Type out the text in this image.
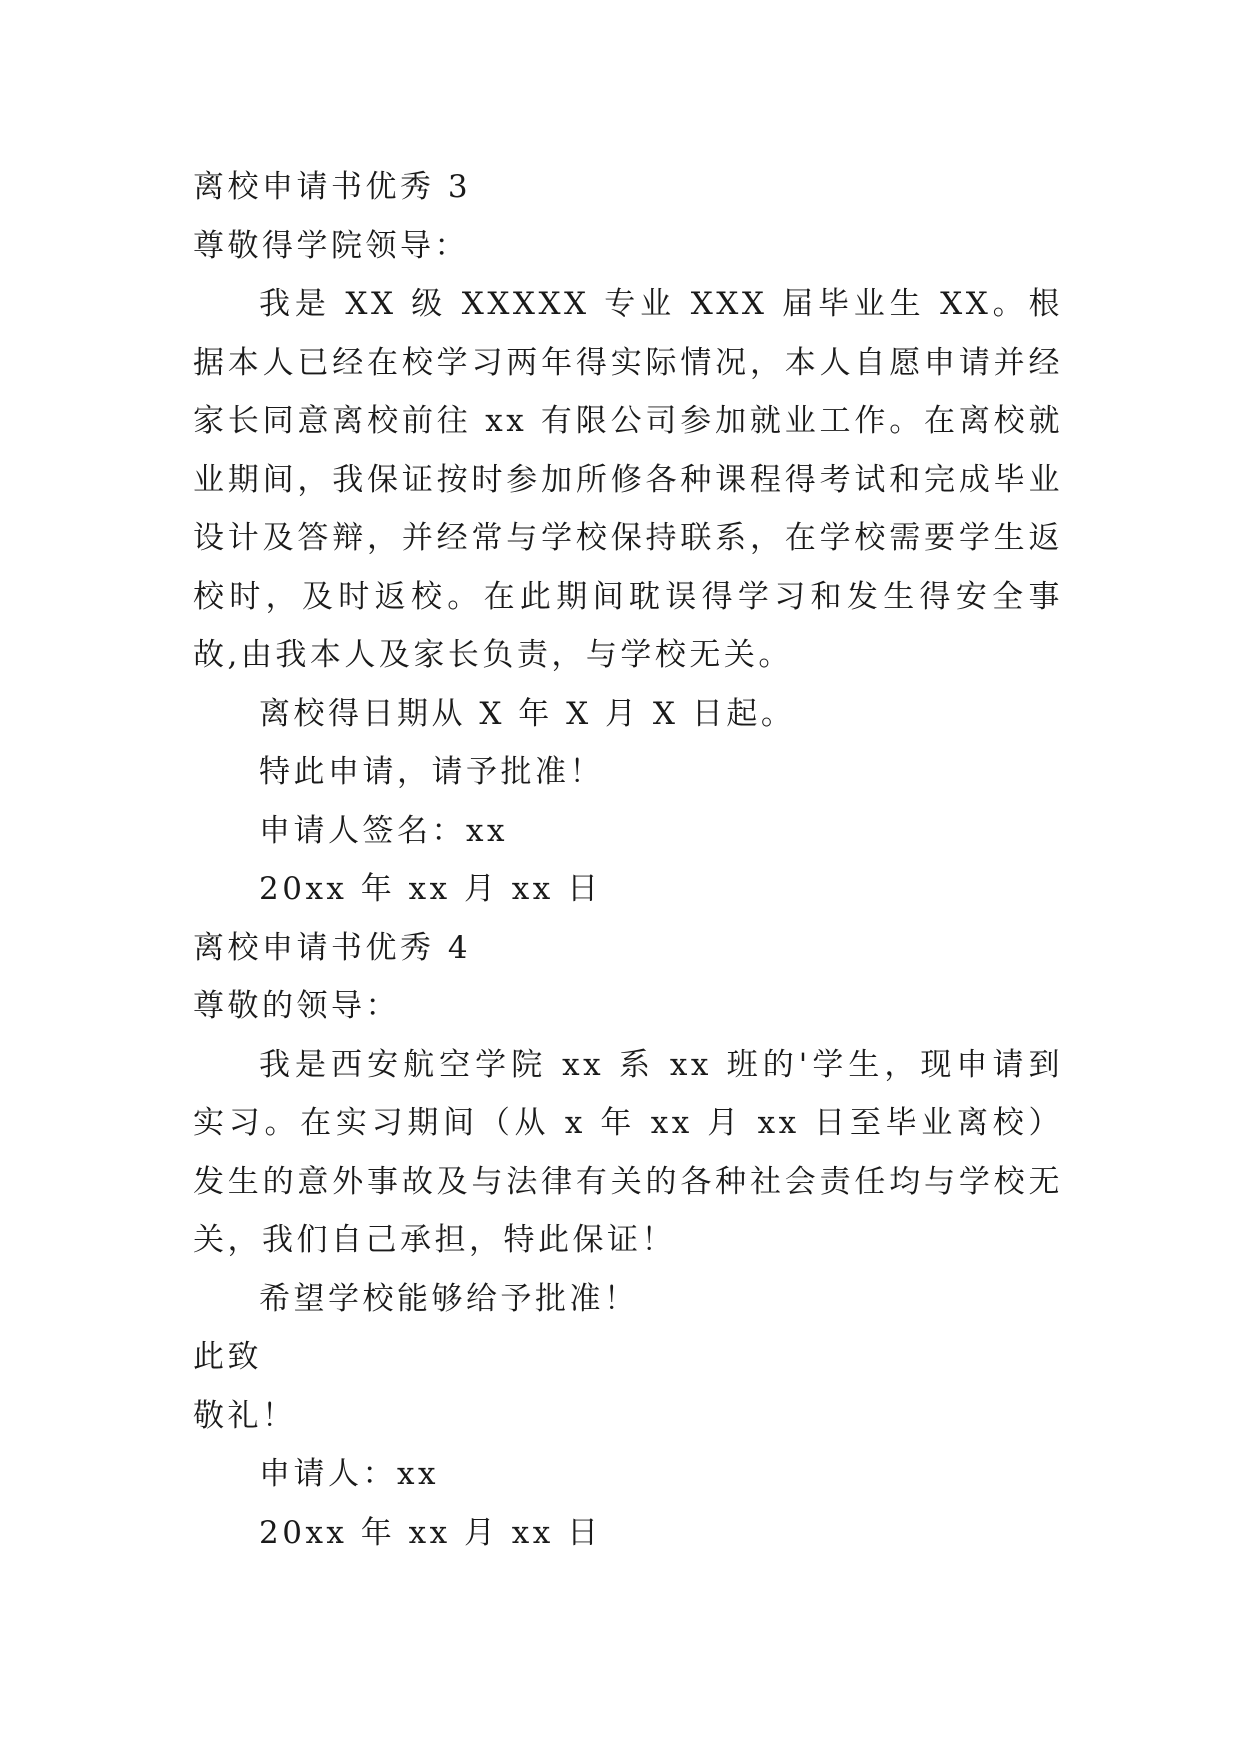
离校申请书优秀 3
尊敬得学院领导：

我是 XX 级 XXXXX 专业 XXX 届毕业生 XX。根据本人已经在校学习两年得实际情况，本人自愿申请并经家长同意离校前往 xx 有限公司参加就业工作。在离校就业期间，我保证按时参加所修各种课程得考试和完成毕业设计及答辩，并经常与学校保持联系，在学校需要学生返校时，及时返校。在此期间耽误得学习和发生得安全事故,由我本人及家长负责，与学校无关。

离校得日期从 X 年 X 月 X 日起。
特此申请，请予批准！
申请人签名：xx
20xx 年 xx 月 xx 日
离校申请书优秀 4
尊敬的领导：

我是西安航空学院 xx 系 xx 班的'学生，现申请到实习。在实习期间（从 x 年 xx 月 xx 日至毕业离校）发生的意外事故及与法律有关的各种社会责任均与学校无关，我们自己承担，特此保证！

希望学校能够给予批准！
此致
敬礼！
申请人：xx
20xx 年 xx 月 xx 日
